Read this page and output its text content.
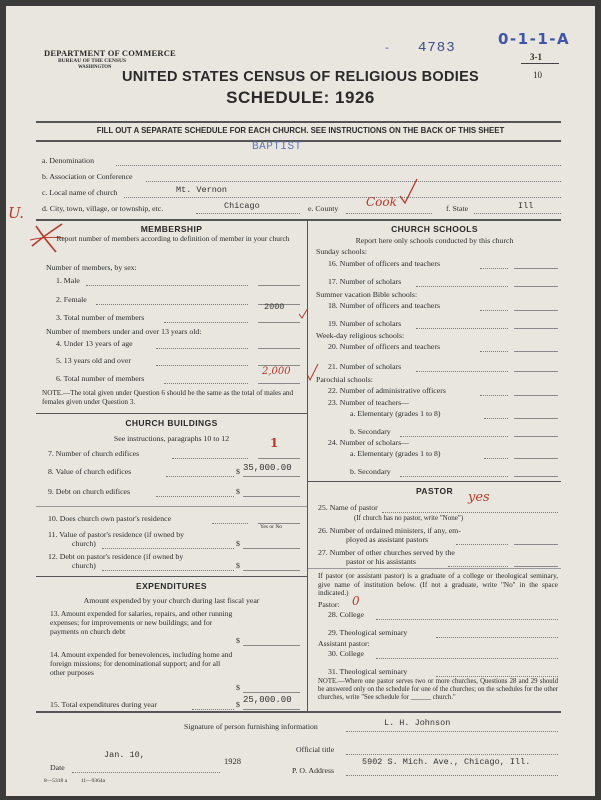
DEPARTMENT OF COMMERCE
BUREAU OF THE CENSUS
WASHINGTON
- 4783	0-1-1-A
3-1
10
UNITED STATES CENSUS OF RELIGIOUS BODIES
SCHEDULE: 1926
FILL OUT A SEPARATE SCHEDULE FOR EACH CHURCH. SEE INSTRUCTIONS ON THE BACK OF THIS SHEET
BAPTIST
a. Denomination
b. Association or Conference
c. Local name of church	Mt. Vernon
d. City, town, village, or township, etc.	Chicago	e. County Cook	f. State	Ill
U.
MEMBERSHIP
Report number of members according to definition of member in your church
Number of members, by sex:
1. Male
2. Female
3. Total number of members
2000
Number of members under and over 13 years old:
4. Under 13 years of age
5. 13 years old and over
6. Total number of members
2,000
NOTE.—The total given under Question 6 should be the same as the total of males and females given under Question 3.
CHURCH BUILDINGS
See instructions, paragraphs 10 to 12
7. Number of church edifices
1
8. Value of church edifices	$ 35,000.00
9. Debt on church edifices	$
10. Does church own pastor's residence
Yes or No
11. Value of pastor's residence (if owned by
church)	$
12. Debt on pastor's residence (if owned by
church)	$
EXPENDITURES
Amount expended by your church during last fiscal year
13. Amount expended for salaries, repairs, and other running expenses; for improvements or new buildings; and for payments on church debt
$
14. Amount expended for benevolences, including home and foreign missions; for denominational support; and for all other purposes
$
15. Total expenditures during year	$ 25,000.00
CHURCH SCHOOLS
Report here only schools conducted by this church
Sunday schools:
16. Number of officers and teachers
17. Number of scholars
Summer vacation Bible schools:
18. Number of officers and teachers
19. Number of scholars
Week-day religious schools:
20. Number of officers and teachers
21. Number of scholars
Parochial schools:
22. Number of administrative officers
23. Number of teachers—
a. Elementary (grades 1 to 8)
b. Secondary
24. Number of scholars—
a. Elementary (grades 1 to 8)
b. Secondary
PASTOR
25. Name of pastor
yes
(If church has no pastor, write "None")
26. Number of ordained ministers, if any, em-
ployed as assistant pastors
27. Number of other churches served by the
pastor or his assistants
If pastor (or assistant pastor) is a graduate of a college or theological seminary, give name of institution below. (If not a graduate, write "No" in the space indicated.)
Pastor: 0
28. College
29. Theological seminary
Assistant pastor:
30. College
31. Theological seminary
NOTE.—Where one pastor serves two or more churches, Questions 28 and 29 should be answered only on the schedule for one of the churches; on the schedules for the other churches, write "See schedule for ______ church."
Signature of person furnishing information	L. H. Johnson
Official title
Jan. 10,
Date
1928
P. O. Address
5902 S. Mich. Ave., Chicago, Ill.
8—5318 a          11—9364a
